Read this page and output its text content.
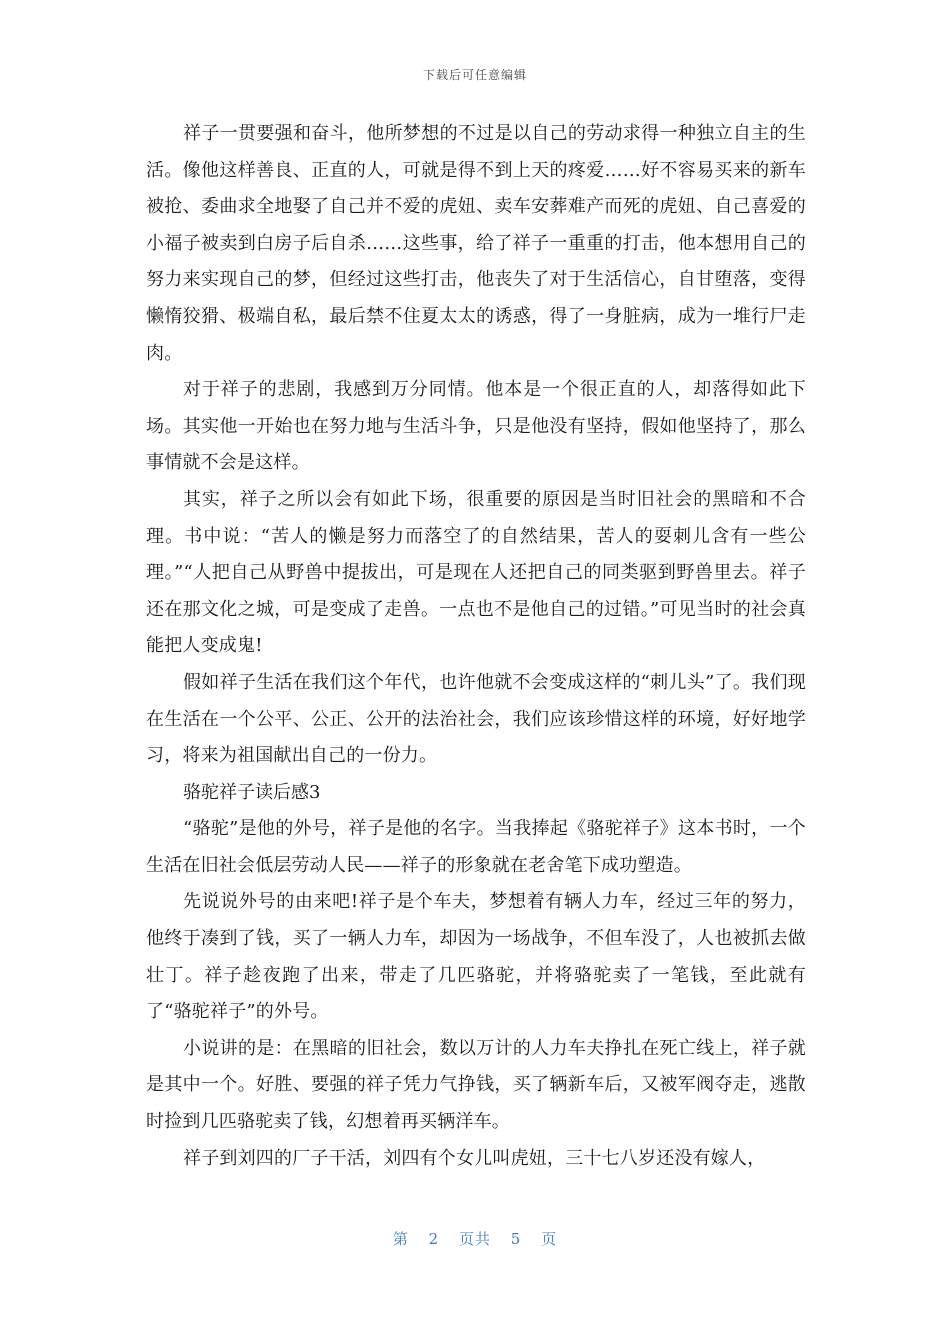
下载后可任意编辑

祥子一贯要强和奋斗，他所梦想的不过是以自己的劳动求得一种独立自主的生活。像他这样善良、正直的人，可就是得不到上天的疼爱……好不容易买来的新车被抢、委曲求全地娶了自己并不爱的虎妞、卖车安葬难产而死的虎妞、自己喜爱的小福子被卖到白房子后自杀……这些事，给了祥子一重重的打击，他本想用自己的努力来实现自己的梦，但经过这些打击，他丧失了对于生活信心，自甘堕落，变得懒惰狡猾、极端自私，最后禁不住夏太太的诱惑，得了一身脏病，成为一堆行尸走肉。

对于祥子的悲剧，我感到万分同情。他本是一个很正直的人，却落得如此下场。其实他一开始也在努力地与生活斗争，只是他没有坚持，假如他坚持了，那么事情就不会是这样。

其实，祥子之所以会有如此下场，很重要的原因是当时旧社会的黑暗和不合理。书中说：“苦人的懒是努力而落空了的自然结果，苦人的耍刺儿含有一些公理。”“人把自己从野兽中提拔出，可是现在人还把自己的同类驱到野兽里去。祥子还在那文化之城，可是变成了走兽。一点也不是他自己的过错。”可见当时的社会真能把人变成鬼!

假如祥子生活在我们这个年代，也许他就不会变成这样的“刺儿头”了。我们现在生活在一个公平、公正、公开的法治社会，我们应该珍惜这样的环境，好好地学习，将来为祖国献出自己的一份力。

骆驼祥子读后感3

“骆驼”是他的外号，祥子是他的名字。当我捧起《骆驼祥子》这本书时，一个生活在旧社会低层劳动人民——祥子的形象就在老舍笔下成功塑造。

先说说外号的由来吧!祥子是个车夫，梦想着有辆人力车，经过三年的努力，他终于凑到了钱，买了一辆人力车，却因为一场战争，不但车没了，人也被抓去做壮丁。祥子趁夜跑了出来，带走了几匹骆驼，并将骆驼卖了一笔钱，至此就有了“骆驼祥子”的外号。

小说讲的是：在黑暗的旧社会，数以万计的人力车夫挣扎在死亡线上，祥子就是其中一个。好胜、要强的祥子凭力气挣钱，买了辆新车后，又被军阀夺走，逃散时捡到几匹骆驼卖了钱，幻想着再买辆洋车。

祥子到刘四的厂子干活，刘四有个女儿叫虎妞，三十七八岁还没有嫁人，

第 2 页共 5 页
